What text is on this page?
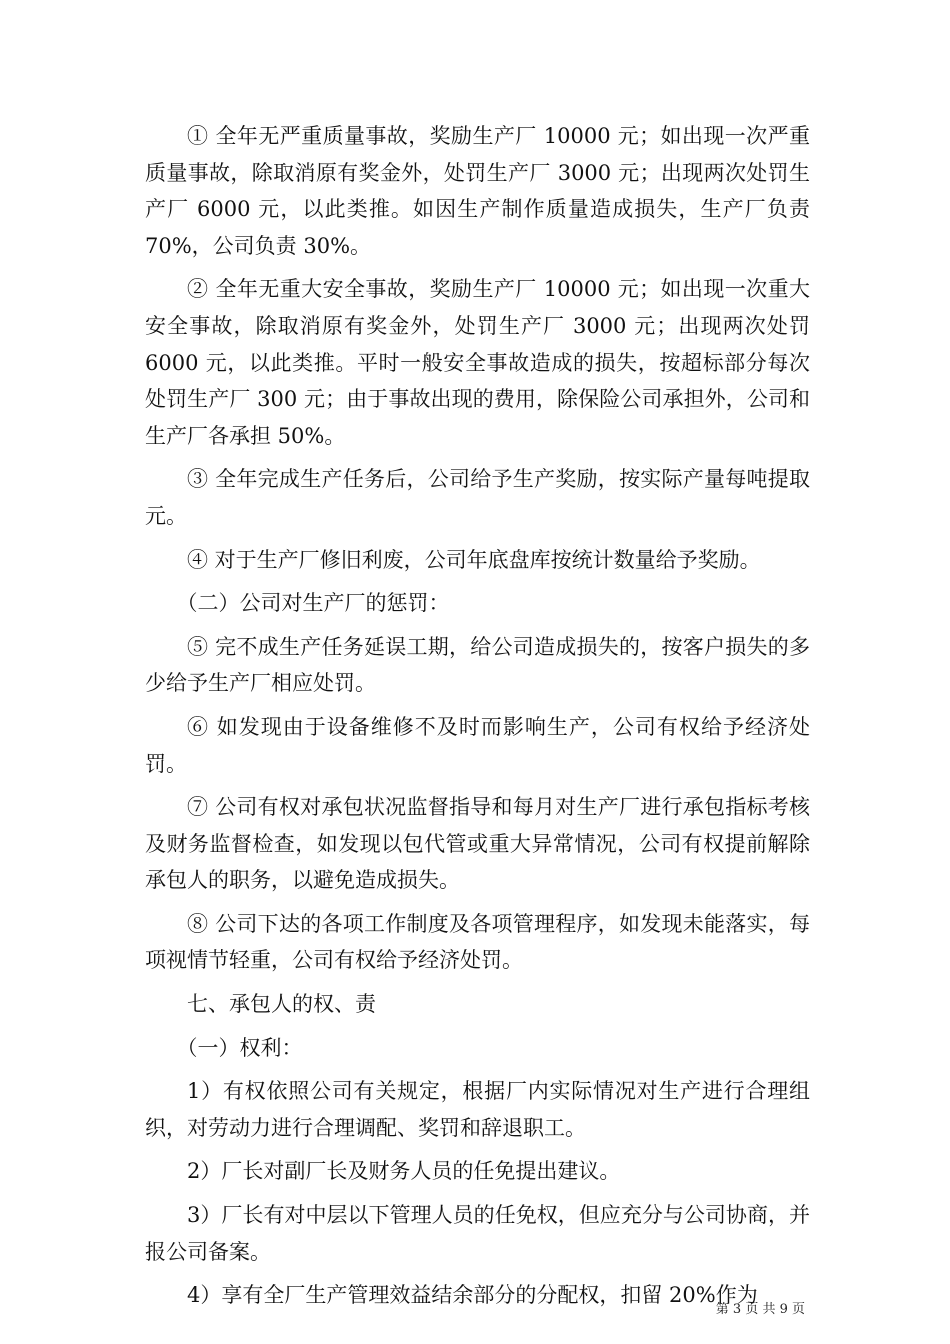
① 全年无严重质量事故，奖励生产厂 10000 元；如出现一次严重质量事故，除取消原有奖金外，处罚生产厂 3000 元；出现两次处罚生产厂 6000 元，以此类推。如因生产制作质量造成损失，生产厂负责 70%，公司负责 30%。

② 全年无重大安全事故，奖励生产厂 10000 元；如出现一次重大安全事故，除取消原有奖金外，处罚生产厂 3000 元；出现两次处罚 6000 元，以此类推。平时一般安全事故造成的损失，按超标部分每次处罚生产厂 300 元；由于事故出现的费用，除保险公司承担外，公司和生产厂各承担 50%。

③ 全年完成生产任务后，公司给予生产奖励，按实际产量每吨提取元。

④ 对于生产厂修旧利废，公司年底盘库按统计数量给予奖励。

（二）公司对生产厂的惩罚：

⑤ 完不成生产任务延误工期，给公司造成损失的，按客户损失的多少给予生产厂相应处罚。

⑥ 如发现由于设备维修不及时而影响生产，公司有权给予经济处罚。

⑦ 公司有权对承包状况监督指导和每月对生产厂进行承包指标考核及财务监督检查，如发现以包代管或重大异常情况，公司有权提前解除承包人的职务，以避免造成损失。

⑧ 公司下达的各项工作制度及各项管理程序，如发现未能落实，每项视情节轻重，公司有权给予经济处罚。

七、承包人的权、责

（一）权利：

1）有权依照公司有关规定，根据厂内实际情况对生产进行合理组织，对劳动力进行合理调配、奖罚和辞退职工。

2）厂长对副厂长及财务人员的任免提出建议。

3）厂长有对中层以下管理人员的任免权，但应充分与公司协商，并报公司备案。

4）享有全厂生产管理效益结余部分的分配权，扣留 20%作为

第 3 页 共 9 页
